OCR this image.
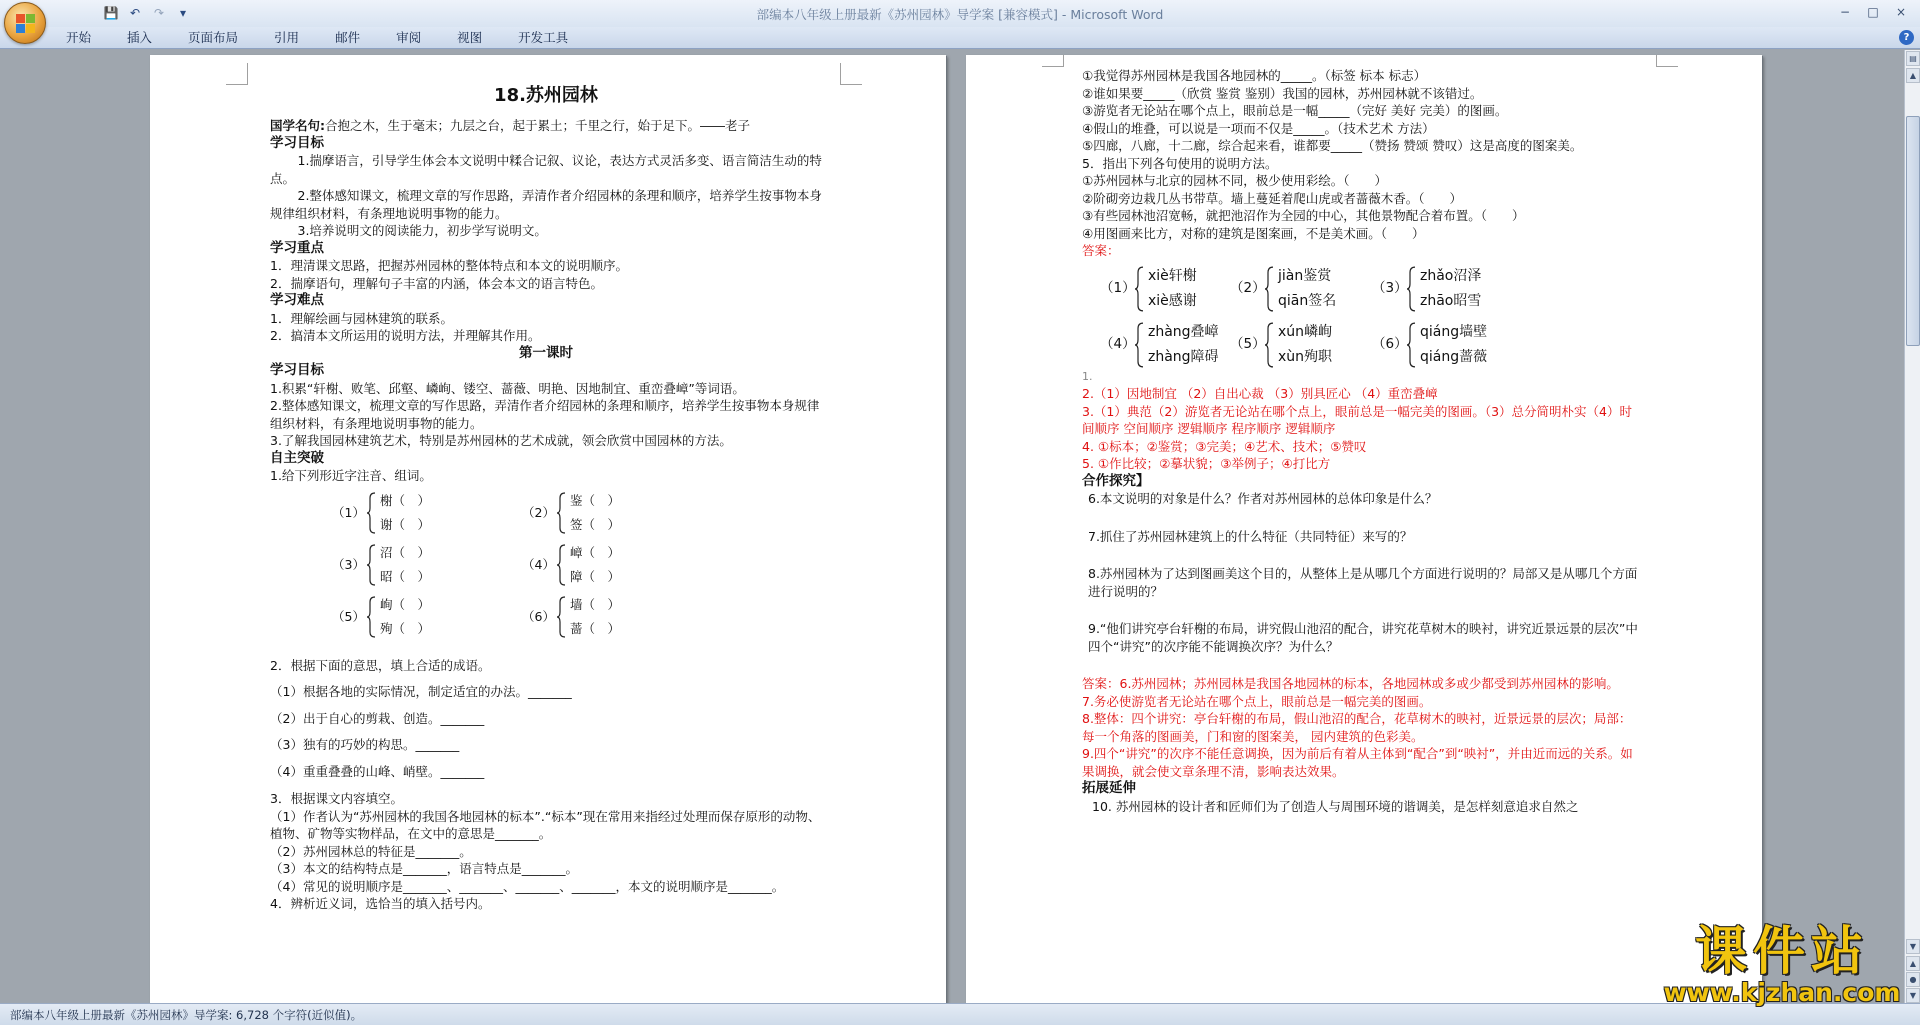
💾 ↶	↷	▾	部编本八年级上册最新《苏州园林》导学案 [兼容模式] - Microsoft Word	−	□	×
开始	插入	页面布局	引用	邮件	审阅	视图	开发工具	?

18.苏州园林

国学名句:合抱之木，生于毫末；九层之台，起于累土；千里之行，始于足下。――老子

学习目标

1.揣摩语言，引导学生体会本文说明中糅合记叙、议论，表达方式灵活多变、语言简洁生动的特点。

2.整体感知课文，梳理文章的写作思路，弄清作者介绍园林的条理和顺序，培养学生按事物本身规律组织材料，有条理地说明事物的能力。

3.培养说明文的阅读能力，初步学写说明文。

学习重点

1．理清课文思路，把握苏州园林的整体特点和本文的说明顺序。

2．揣摩语句，理解句子丰富的内涵，体会本文的语言特色。

学习难点

1．理解绘画与园林建筑的联系。

2．搞清本文所运用的说明方法，并理解其作用。

第一课时

学习目标

1.积累“轩榭、败笔、邱壑、嶙峋、镂空、蔷薇、明艳、因地制宜、重峦叠嶂”等词语。

2.整体感知课文，梳理文章的写作思路，弄清作者介绍园林的条理和顺序，培养学生按事物本身规律组织材料，有条理地说明事物的能力。

3.了解我国园林建筑艺术，特别是苏州园林的艺术成就，领会欣赏中国园林的方法。

自主突破

1.给下列形近字注音、组词。

（1）
榭（　）
谢（　）
（2）
鉴（　）
签（　）
（3）
沼（　）
昭（　）
（4）
嶂（　）
障（　）
（5）
峋（　）
殉（　）
（6）
墙（　）
蔷（　）

2．根据下面的意思，填上合适的成语。

（1）根据各地的实际情况，制定适宜的办法。_______

（2）出于自心的剪栽、创造。_______

（3）独有的巧妙的构思。_______

（4）重重叠叠的山峰、峭壁。_______

3．根据课文内容填空。

（1）作者认为“苏州园林的我国各地园林的标本”.“标本”现在常用来指经过处理而保存原形的动物、植物、矿物等实物样品，在文中的意思是_______。

（2）苏州园林总的特征是_______。

（3）本文的结构特点是_______，语言特点是_______。

（4）常见的说明顺序是_______、_______、_______、_______，本文的说明顺序是_______。

4．辨析近义词，选恰当的填入括号内。

①我觉得苏州园林是我国各地园林的_____。（标签 标本 标志）

②谁如果要_____（欣赏 鉴赏 鉴别）我国的园林，苏州园林就不该错过。

③游览者无论站在哪个点上，眼前总是一幅_____（完好 美好 完美）的图画。

④假山的堆叠，可以说是一项而不仅是_____。（技术艺术 方法）

⑤四廊，八廊，十二廊，综合起来看，谁都要_____（赞扬 赞颂 赞叹）这是高度的图案美。

5．指出下列各句使用的说明方法。

①苏州园林与北京的园林不同，极少使用彩绘。（　　）

②阶砌旁边栽几丛书带草。墙上蔓延着爬山虎或者蔷薇木香。（　　）

③有些园林池沼宽畅，就把池沼作为全园的中心，其他景物配合着布置。（　　）

④用图画来比方，对称的建筑是图案画，不是美术画。（　　）

答案：

（1）
xiè轩榭
xiè感谢
（2）
jiàn鉴赏
qiān签名
（3）
zhǎo沼泽
zhāo昭雪
（4）
zhàng叠嶂
zhàng障碍
（5）
xún嶙峋
xùn殉职
（6）
qiáng墙壁
qiáng蔷薇

1.

2.（1）因地制宜 （2）自出心裁 （3）别具匠心 （4）重峦叠嶂

3.（1）典范（2）游览者无论站在哪个点上，眼前总是一幅完美的图画。（3）总分简明朴实（4）时间顺序 空间顺序 逻辑顺序 程序顺序 逻辑顺序

4. ①标本；②鉴赏；③完美；④艺术、技术；⑤赞叹

5. ①作比较；②摹状貌；③举例子；④打比方

合作探究】

6.本文说明的对象是什么？作者对苏州园林的总体印象是什么？

7.抓住了苏州园林建筑上的什么特征（共同特征）来写的？

8.苏州园林为了达到图画美这个目的，从整体上是从哪几个方面进行说明的？局部又是从哪几个方面进行说明的？

9.“他们讲究亭台轩榭的布局，讲究假山池沼的配合，讲究花草树木的映衬，讲究近景远景的层次”中四个“讲究”的次序能不能调换次序？为什么？

答案：6.苏州园林；苏州园林是我国各地园林的标本，各地园林或多或少都受到苏州园林的影响。

7.务必使游览者无论站在哪个点上，眼前总是一幅完美的图画。

8.整体：四个讲究：亭台轩榭的布局，假山池沼的配合，花草树木的映衬，近景远景的层次；局部：每一个角落的图画美，门和窗的图案美， 园内建筑的色彩美。

9.四个“讲究”的次序不能任意调换，因为前后有着从主体到“配合”到“映衬”，并由近而远的关系。如果调换，就会使文章条理不清，影响表达效果。

拓展延伸

10. 苏州园林的设计者和匠师们为了创造人与周围环境的谐调美，是怎样刻意追求自然之

▤
▲
▼
▲
●
▼
部编本八年级上册最新《苏州园林》导学案: 6,728 个字符(近似值)。
课件站
www.kjzhan.com
